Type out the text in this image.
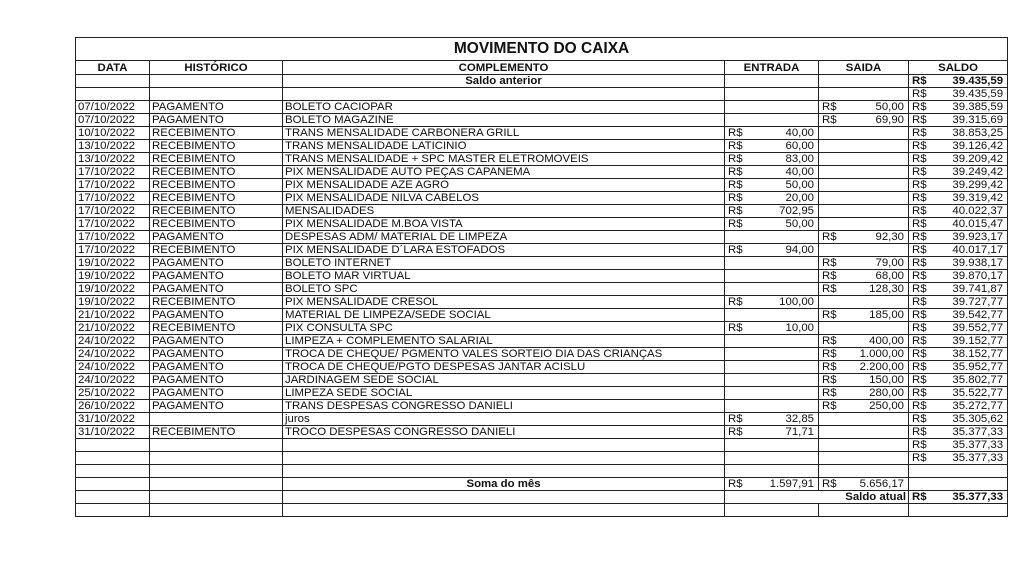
MOVIMENTO DO CAIXA								
DATA	HISTÓRICO	COMPLEMENTO	ENTRADA		SAIDA		SALDO	
		Saldo anterior					R$	39.435,59
							R$	39.435,59
07/10/2022	PAGAMENTO	BOLETO CACIOPAR			R$	50,00	R$	39.385,59
07/10/2022	PAGAMENTO	BOLETO MAGAZINE			R$	69,90	R$	39.315,69
10/10/2022	RECEBIMENTO	TRANS MENSALIDADE CARBONERA GRILL	R$	40,00			R$	38.853,25
13/10/2022	RECEBIMENTO	TRANS MENSALIDADE LATICINIO	R$	60,00			R$	39.126,42
13/10/2022	RECEBIMENTO	TRANS MENSALIDADE + SPC MASTER ELETROMOVEIS	R$	83,00			R$	39.209,42
17/10/2022	RECEBIMENTO	PIX MENSALIDADE AUTO PEÇAS CAPANEMA	R$	40,00			R$	39.249,42
17/10/2022	RECEBIMENTO	PIX MENSALIDADE AZE AGRO	R$	50,00			R$	39.299,42
17/10/2022	RECEBIMENTO	PIX MENSALIDADE NILVA CABELOS	R$	20,00			R$	39.319,42
17/10/2022	RECEBIMENTO	MENSALIDADES	R$	702,95			R$	40.022,37
17/10/2022	RECEBIMENTO	PIX MENSALIDADE M.BOA VISTA	R$	50,00			R$	40.015,47
17/10/2022	PAGAMENTO	DESPESAS ADM/ MATERIAL DE LIMPEZA			R$	92,30	R$	39.923,17
17/10/2022	RECEBIMENTO	PIX MENSALIDADE D´LARA ESTOFADOS	R$	94,00			R$	40.017,17
19/10/2022	PAGAMENTO	BOLETO INTERNET			R$	79,00	R$	39.938,17
19/10/2022	PAGAMENTO	BOLETO MAR VIRTUAL			R$	68,00	R$	39.870,17
19/10/2022	PAGAMENTO	BOLETO SPC			R$	128,30	R$	39.741,87
19/10/2022	RECEBIMENTO	PIX MENSALIDADE CRESOL	R$	100,00			R$	39.727,77
21/10/2022	PAGAMENTO	MATERIAL DE LIMPEZA/SEDE SOCIAL			R$	185,00	R$	39.542,77
21/10/2022	RECEBIMENTO	PIX CONSULTA SPC	R$	10,00			R$	39.552,77
24/10/2022	PAGAMENTO	LIMPEZA + COMPLEMENTO SALARIAL			R$	400,00	R$	39.152,77
24/10/2022	PAGAMENTO	TROCA DE CHEQUE/ PGMENTO VALES SORTEIO DIA DAS CRIANÇAS			R$	1.000,00	R$	38.152,77
24/10/2022	PAGAMENTO	TROCA DE CHEQUE/PGTO DESPESAS JANTAR ACISLU			R$	2.200,00	R$	35.952,77
24/10/2022	PAGAMENTO	JARDINAGEM SEDE SOCIAL			R$	150,00	R$	35.802,77
25/10/2022	PAGAMENTO	LIMPEZA SEDE SOCIAL			R$	280,00	R$	35.522,77
26/10/2022	PAGAMENTO	TRANS DESPESAS CONGRESSO DANIELI			R$	250,00	R$	35.272,77
31/10/2022		juros	R$	32,85			R$	35.305,62
31/10/2022	RECEBIMENTO	TROCO DESPESAS CONGRESSO DANIELI	R$	71,71			R$	35.377,33
							R$	35.377,33
							R$	35.377,33

		Soma do mês	R$	1.597,91	R$	5.656,17		
			Saldo atual				R$	35.377,33
